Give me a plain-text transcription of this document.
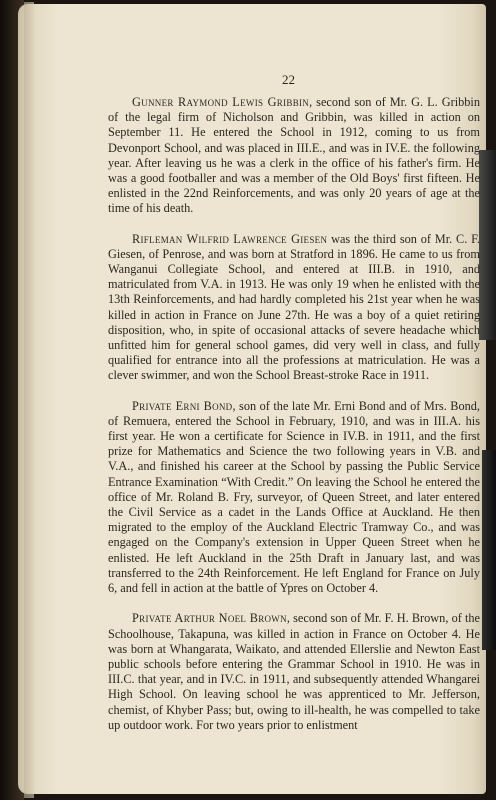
22

Gunner Raymond Lewis Gribbin, second son of Mr. G. L. Gribbin of the legal firm of Nicholson and Gribbin, was killed in action on September 11. He entered the School in 1912, coming to us from Devonport School, and was placed in III.E., and was in IV.E. the following year. After leaving us he was a clerk in the office of his father's firm. He was a good footballer and was a member of the Old Boys' first fifteen. He enlisted in the 22nd Reinforcements, and was only 20 years of age at the time of his death.

Rifleman Wilfrid Lawrence Giesen was the third son of Mr. C. F. Giesen, of Penrose, and was born at Stratford in 1896. He came to us from Wanganui Collegiate School, and entered at III.B. in 1910, and matriculated from V.A. in 1913. He was only 19 when he enlisted with the 13th Reinforcements, and had hardly completed his 21st year when he was killed in action in France on June 27th. He was a boy of a quiet retiring disposition, who, in spite of occasional attacks of severe headache which unfitted him for general school games, did very well in class, and fully qualified for entrance into all the professions at matriculation. He was a clever swimmer, and won the School Breast-stroke Race in 1911.

Private Erni Bond, son of the late Mr. Erni Bond and of Mrs. Bond, of Remuera, entered the School in February, 1910, and was in III.A. his first year. He won a certificate for Science in IV.B. in 1911, and the first prize for Mathematics and Science the two following years in V.B. and V.A., and finished his career at the School by passing the Public Service Entrance Examination “With Credit.” On leaving the School he entered the office of Mr. Roland B. Fry, surveyor, of Queen Street, and later entered the Civil Service as a cadet in the Lands Office at Auckland. He then migrated to the employ of the Auckland Electric Tramway Co., and was engaged on the Company's extension in Upper Queen Street when he enlisted. He left Auckland in the 25th Draft in January last, and was transferred to the 24th Reinforcement. He left England for France on July 6, and fell in action at the battle of Ypres on October 4.

Private Arthur Noel Brown, second son of Mr. F. H. Brown, of the Schoolhouse, Takapuna, was killed in action in France on October 4. He was born at Whangarata, Waikato, and attended Ellerslie and Newton East public schools before entering the Grammar School in 1910. He was in III.C. that year, and in IV.C. in 1911, and subsequently attended Whangarei High School. On leaving school he was apprenticed to Mr. Jefferson, chemist, of Khyber Pass; but, owing to ill-health, he was compelled to take up outdoor work. For two years prior to enlistment
